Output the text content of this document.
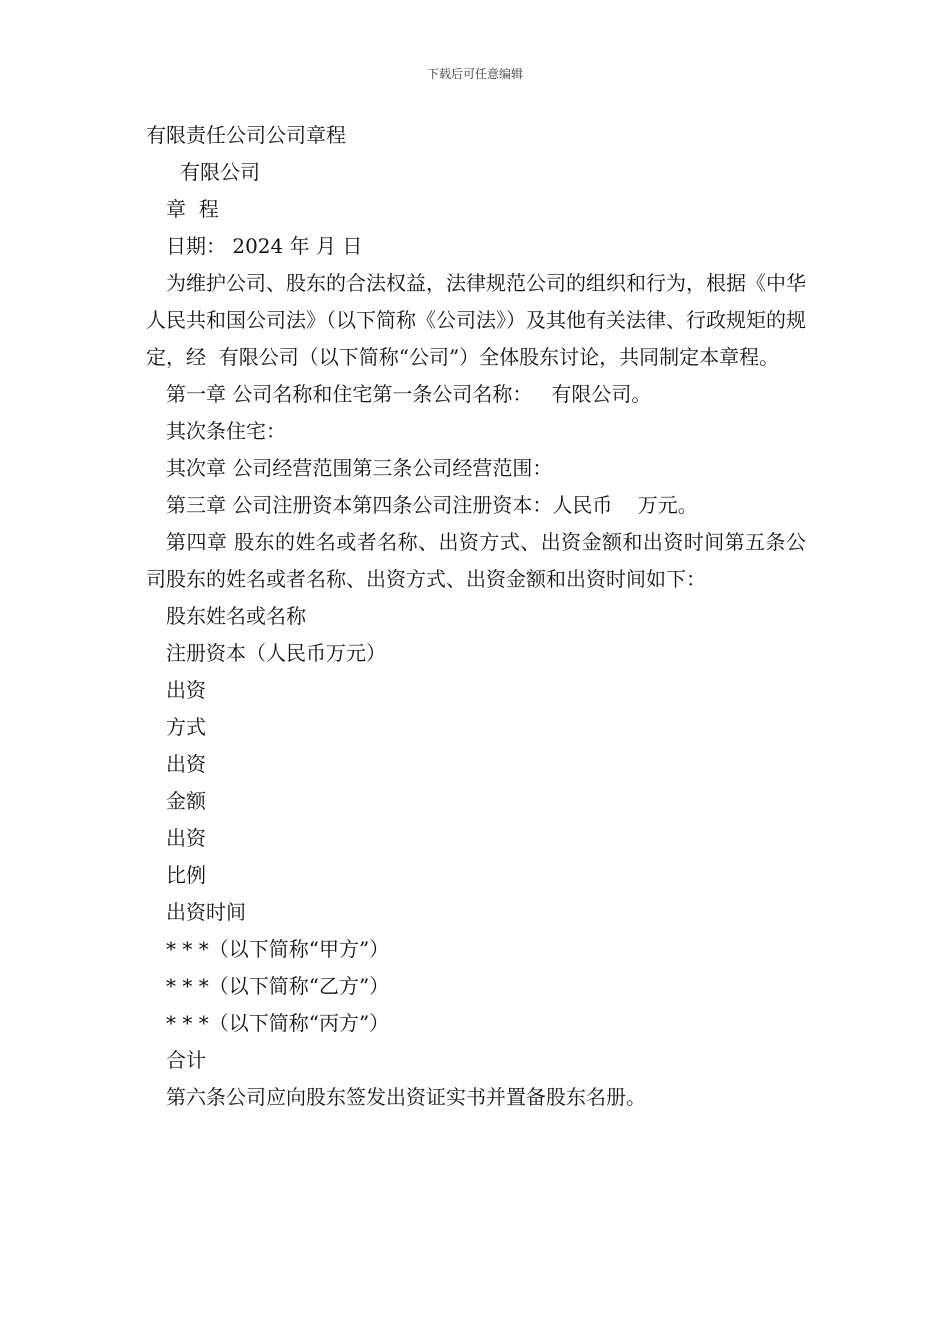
下载后可任意编辑
有限责任公司公司章程
有限公司
章  程
日期： 2024 年 月 日
为维护公司、股东的合法权益，法律规范公司的组织和行为，根据《中华人民共和国公司法》（以下简称《公司法》）及其他有关法律、行政规矩的规定，经  有限公司（以下简称“公司”）全体股东讨论，共同制定本章程。
第一章 公司名称和住宅第一条公司名称：   有限公司。
其次条住宅：
其次章 公司经营范围第三条公司经营范围：
第三章 公司注册资本第四条公司注册资本：人民币    万元。
第四章 股东的姓名或者名称、出资方式、出资金额和出资时间第五条公司股东的姓名或者名称、出资方式、出资金额和出资时间如下：
股东姓名或名称
注册资本（人民币万元）
出资
方式
出资
金额
出资
比例
出资时间
* * *（以下简称“甲方”）
* * *（以下简称“乙方”）
* * *（以下简称“丙方”）
合计
第六条公司应向股东签发出资证实书并置备股东名册。
